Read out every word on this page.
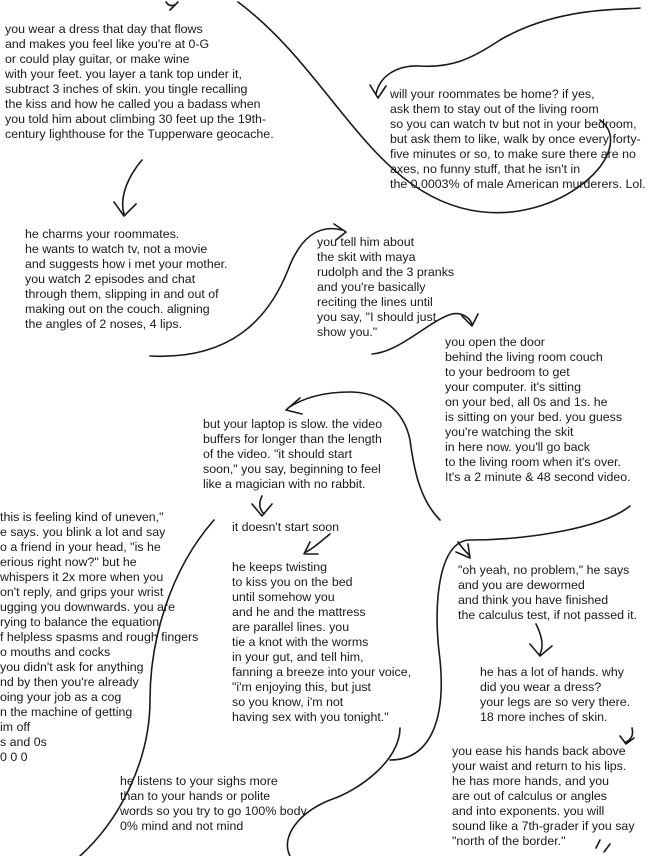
you wear a dress that day that flows
and makes you feel like you're at 0-G
or could play guitar, or make wine
with your feet. you layer a tank top under it,
subtract 3 inches of skin. you tingle recalling
the kiss and how he called you a badass when
you told him about climbing 30 feet up the 19th-
century lighthouse for the Tupperware geocache.

will your roommates be home? if yes,
ask them to stay out of the living room
so you can watch tv but not in your bedroom,
but ask them to like, walk by once every forty-
five minutes or so, to make sure there are no
axes, no funny stuff, that he isn't in
the 0.0003% of male American murderers. Lol.

he charms your roommates.
he wants to watch tv, not a movie
and suggests how i met your mother.
you watch 2 episodes and chat
through them, slipping in and out of
making out on the couch. aligning
the angles of 2 noses, 4 lips.

you tell him about
the skit with maya
rudolph and the 3 pranks
and you're basically
reciting the lines until
you say, "I should just
show you."

you open the door
behind the living room couch
to your bedroom to get
your computer. it's sitting
on your bed, all 0s and 1s. he
is sitting on your bed. you guess
you're watching the skit
in here now. you'll go back
to the living room when it's over.
It's a 2 minute & 48 second video.

but your laptop is slow. the video
buffers for longer than the length
of the video. "it should start
soon," you say, beginning to feel
like a magician with no rabbit.

it doesn't start soon

this is feeling kind of uneven,"
e says. you blink a lot and say
o a friend in your head, "is he
erious right now?" but he
whispers it 2x more when you
on't reply, and grips your wrist
ugging you downwards. you are
rying to balance the equation
f helpless spasms and rough fingers
o mouths and cocks
you didn't ask for anything
nd by then you're already
oing your job as a cog
n the machine of getting
im off
s and 0s
0 0 0

he keeps twisting
to kiss you on the bed
until somehow you
and he and the mattress
are parallel lines. you
tie a knot with the worms
in your gut, and tell him,
fanning a breeze into your voice,
"i'm enjoying this, but just
so you know, i'm not
having sex with you tonight."

"oh yeah, no problem," he says
and you are dewormed
and think you have finished
the calculus test, if not passed it.

he has a lot of hands. why
did you wear a dress?
your legs are so very there.
18 more inches of skin.

you ease his hands back above
your waist and return to his lips.
he has more hands, and you
are out of calculus or angles
and into exponents. you will
sound like a 7th-grader if you say
"north of the border."

he listens to your sighs more
than to your hands or polite
words so you try to go 100% body
0% mind and not mind
